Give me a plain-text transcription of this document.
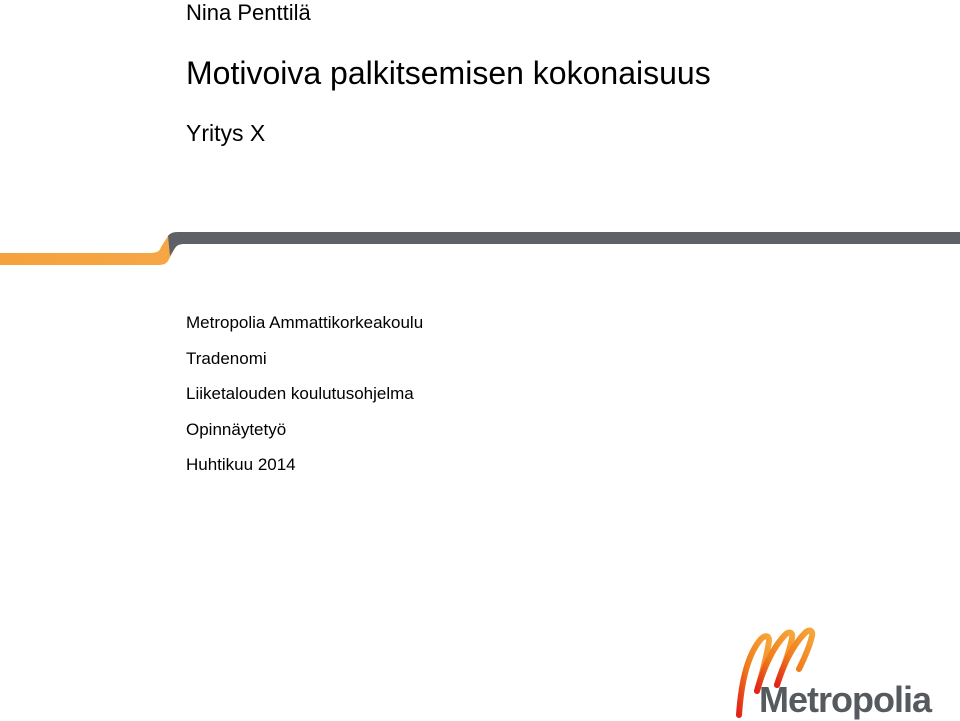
Nina Penttilä
Motivoiva palkitsemisen kokonaisuus
Yritys X
Metropolia Ammattikorkeakoulu
Tradenomi
Liiketalouden koulutusohjelma
Opinnäytetyö
Huhtikuu 2014
Metropolia
